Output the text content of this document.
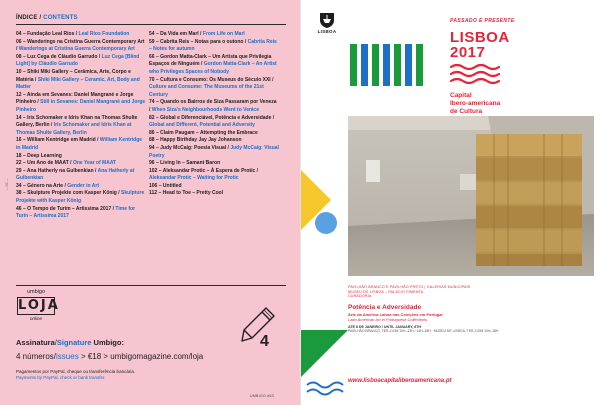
ÍNDICE / CONTENTS
04 – Fundação Leal Rios / Leal Rios Foundation
06 – Wanderings na Cristina Guerra Contemporary Art / Wanderings at Cristina Guerra Contemporary Art
08 – Luz Cega de Cláudio Garrudo / Luz Cega [Blind Light] by Cláudio Garrudo
10 – Shiki Miki Gallery – Cerâmica, Arte, Corpo e Matéria / Shiki Miki Gallery – Ceramic, Art, Body and Matter
12 – Ainda em Sevanes: Daniel Mangrané e Jorge Pinheiro / Still in Sevanes: Daniel Mangrané and Jorge Pinheiro
14 – Iris Schomaker e Idris Khan na Thomas Shulte Gallery, Berlin / Iris Schomaker and Idris Khan at Thomas Shulte Gallery, Berlin
16 – William Kentridge em Madrid / William Kentridge in Madrid
18 – Deep Learning
22 – Um Ano de MAAT / One Year of MAAT
29 – Ana Hatherly na Gulbenkian / Ana Hatherly at Gulbenkian
34 – Género na Arte / Gender in Art
38 – Skulpture Projekte com Kasper König / Skulpture Projekte with Kasper König
46 – O Tempo de Turim – Artissima 2017 / Time for Turin – Artissima 2017
54 – Da Vida em Marl / From Life on Marl
59 – Cabrita Reis – Notas para o outono / Cabrita Reis – Notes for autumn
66 – Gordon Matta-Clark – Um Artista que Privilegia Espaços de Ninguém / Gordon Matta-Clark – An Artist who Privileges Spaces of Nobody
70 – Cultura e Consumo: Os Museus do Século XXI / Culture and Consume: The Museums of the 21st Century
74 – Quando os Bairros de Siza Passaram por Veneza / When Siza's Neighbourhoods Went to Venice
82 – Global e Diferenciável, Potência e Adversidade / Global and Different, Potential and Adversity
86 – Claim Paugam – Attempting the Embrace
88 – Happy Birthday Jay Jay Johanson
94 – Judy McCaig: Poesia Visual / Judy McCaig: Visual Poetry
96 – Living In – Samant Baron
102 – Aleksandar Protic – À Espera de Protic / Aleksandar Protic – Waiting for Protic
106 – Untitled
112 – Head to Toe – Pretty Cool
– 02 –
umbigo
LOJA
online
4
Assinatura/Signature Umbigo:
4 números/issues > €18 > umbigomagazine.com/loja
Pagamentos por PayPal, cheque ou transferência bancária.
Payments by PayPal, check or bank transfer.
UMBIGO #63
LISBOA
PASSADO E PRESENTE
LISBOA
2017
Capital
Ibero-americana
de Cultura
PAVILHÃO BRANCO E PAVILHÃO PRETO | GALERIAS MUNICIPAIS
MUSEU DE LISBOA – PALÁCIO PIMENTA
CURADORIA
Potência e Adversidade
Arte da América Latina nas Coleções em Portugal
Latin American Art in Portuguese Collections
ATÉ 8 DE JANEIRO / UNTIL JANUARY, 8TH
PAVILHÃO BRANCO, TER–DOM 10H–13H / 14H–18H · MUSEU DE LISBOA, TER–DOM 10H–18H
www.lisboacapitaliberoamericana.pt
